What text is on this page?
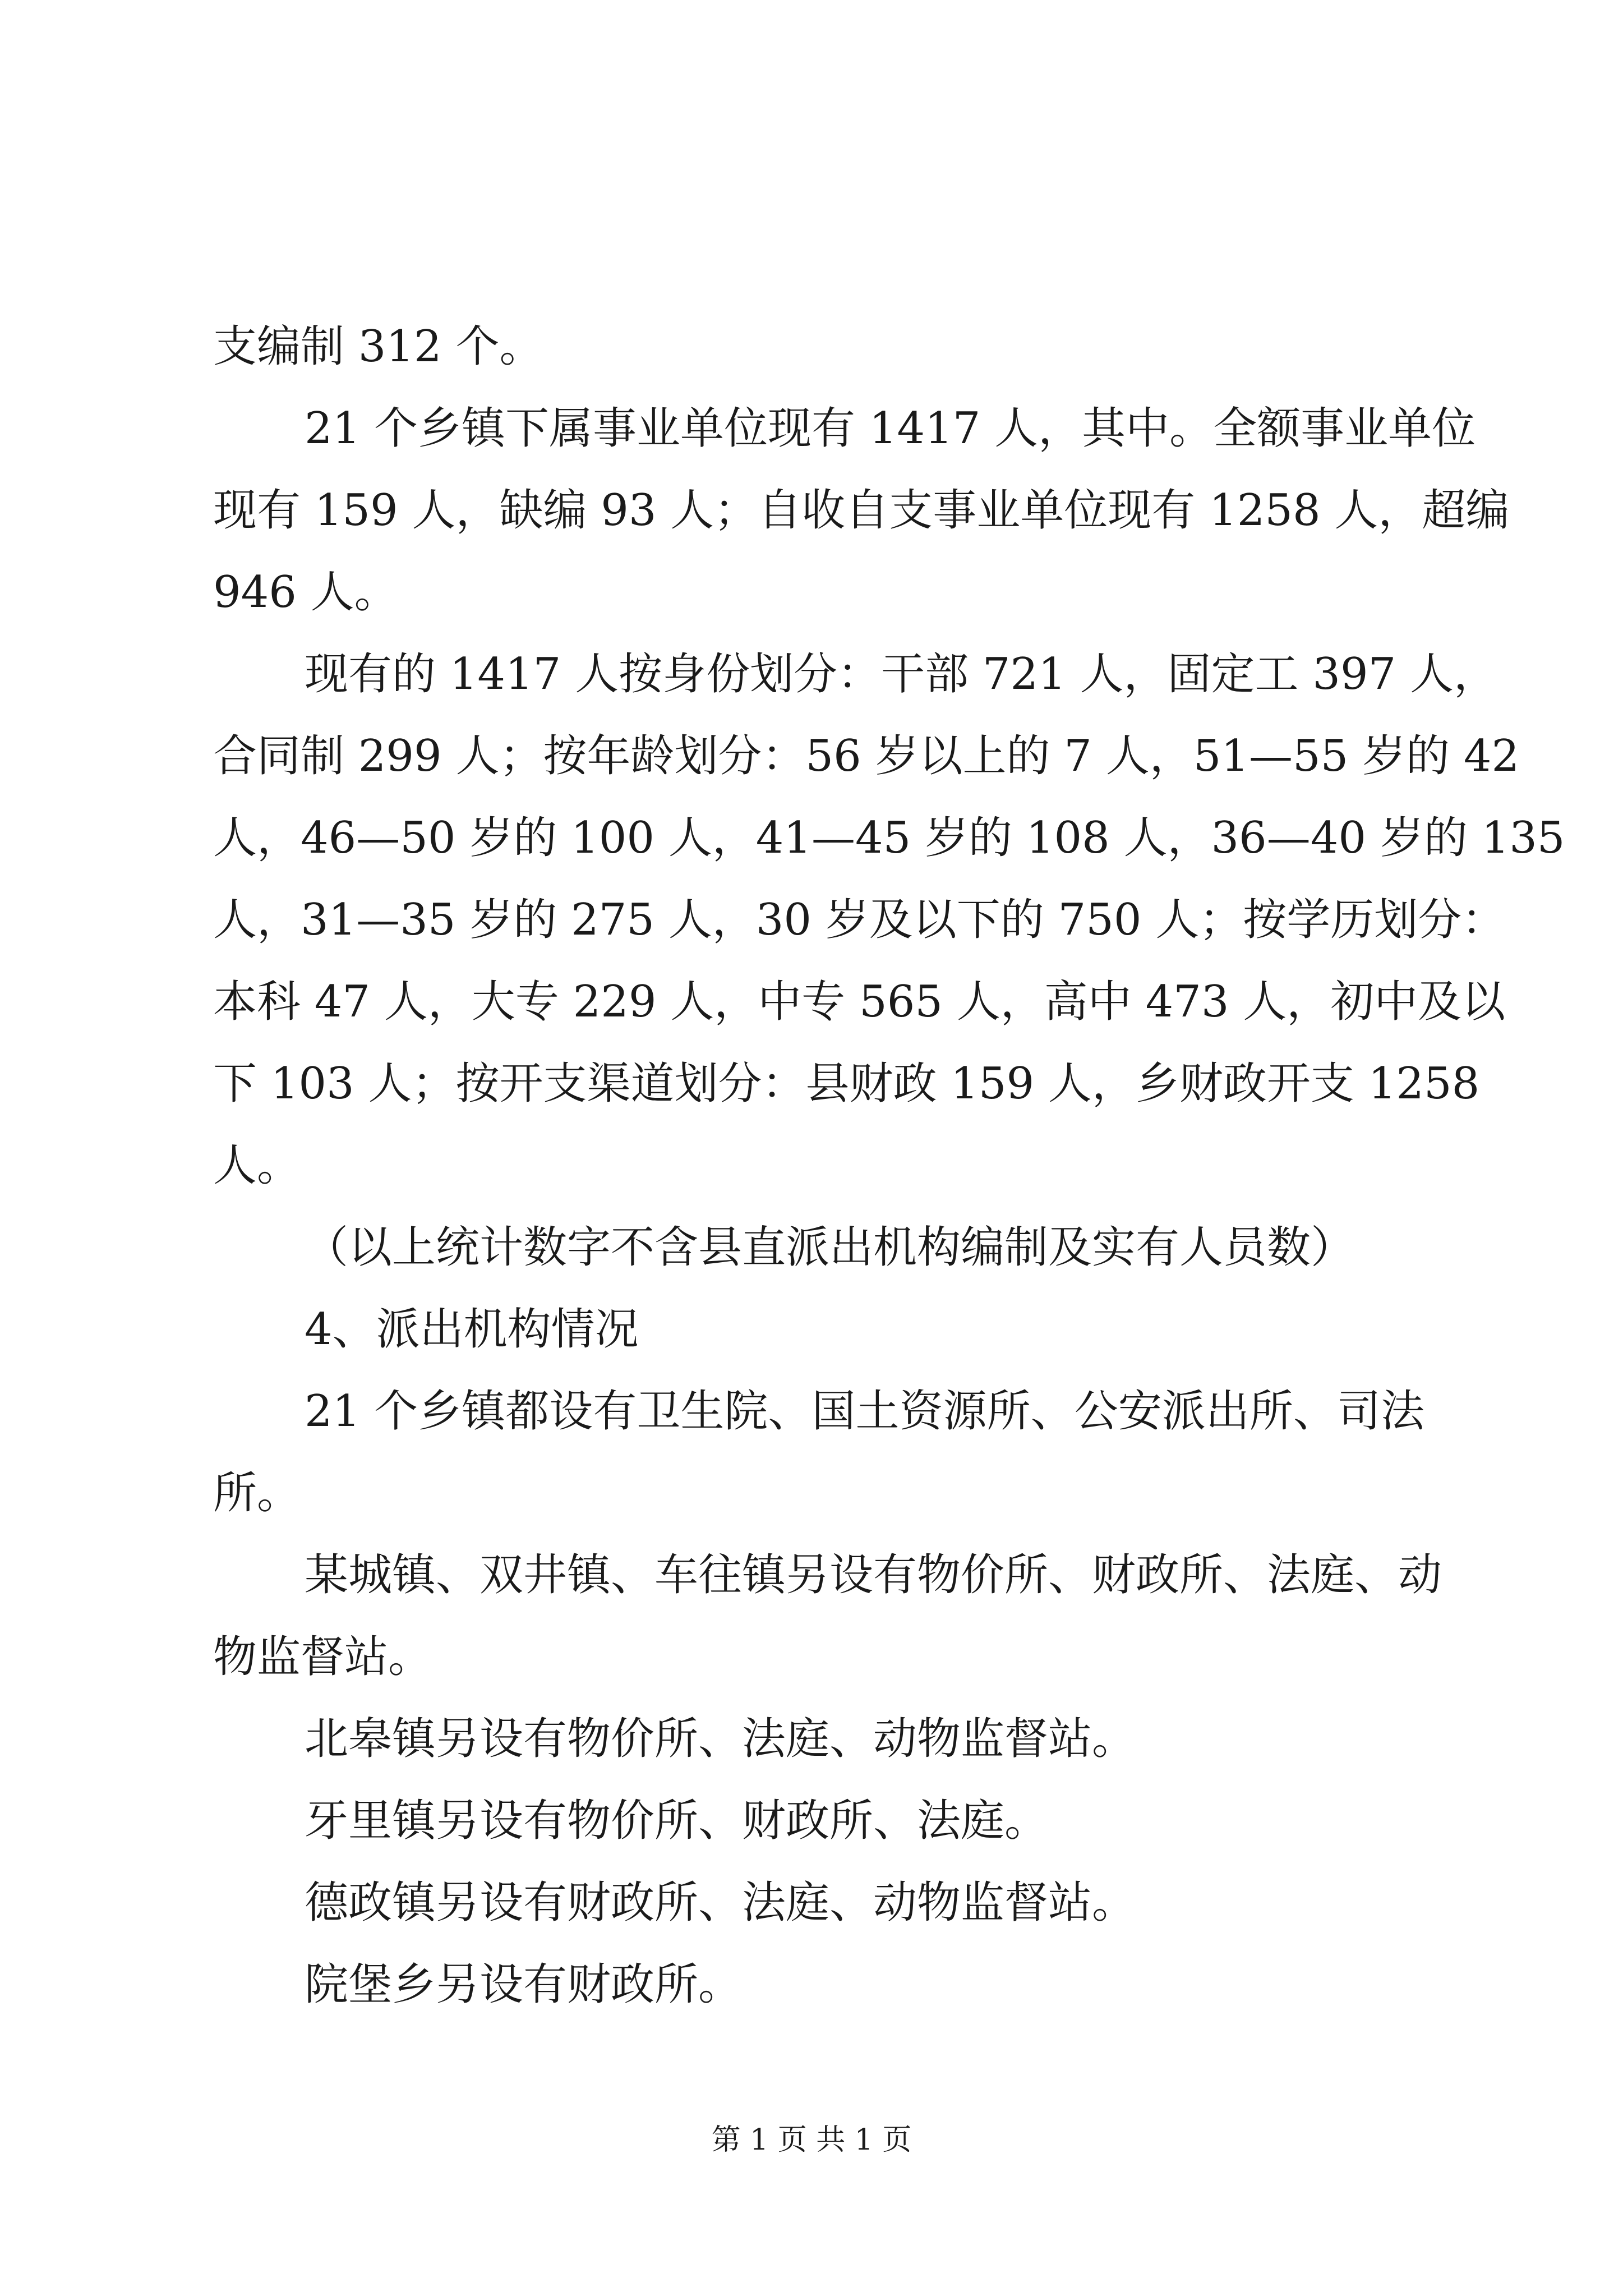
支编制 312 个。
21 个乡镇下属事业单位现有 1417 人，其中。全额事业单位
现有 159 人，缺编 93 人；自收自支事业单位现有 1258 人，超编
946 人。
现有的 1417 人按身份划分：干部 721 人，固定工 397 人，
合同制 299 人；按年龄划分：56 岁以上的 7 人，51—55 岁的 42
人，46—50 岁的 100 人，41—45 岁的 108 人，36—40 岁的 135
人，31—35 岁的 275 人，30 岁及以下的 750 人；按学历划分：
本科 47 人，大专 229 人，中专 565 人，高中 473 人，初中及以
下 103 人；按开支渠道划分：县财政 159 人，乡财政开支 1258
人。
（以上统计数字不含县直派出机构编制及实有人员数）
4、派出机构情况
21 个乡镇都设有卫生院、国土资源所、公安派出所、司法
所。
某城镇、双井镇、车往镇另设有物价所、财政所、法庭、动
物监督站。
北皋镇另设有物价所、法庭、动物监督站。
牙里镇另设有物价所、财政所、法庭。
德政镇另设有财政所、法庭、动物监督站。
院堡乡另设有财政所。
第 1 页 共 1 页
